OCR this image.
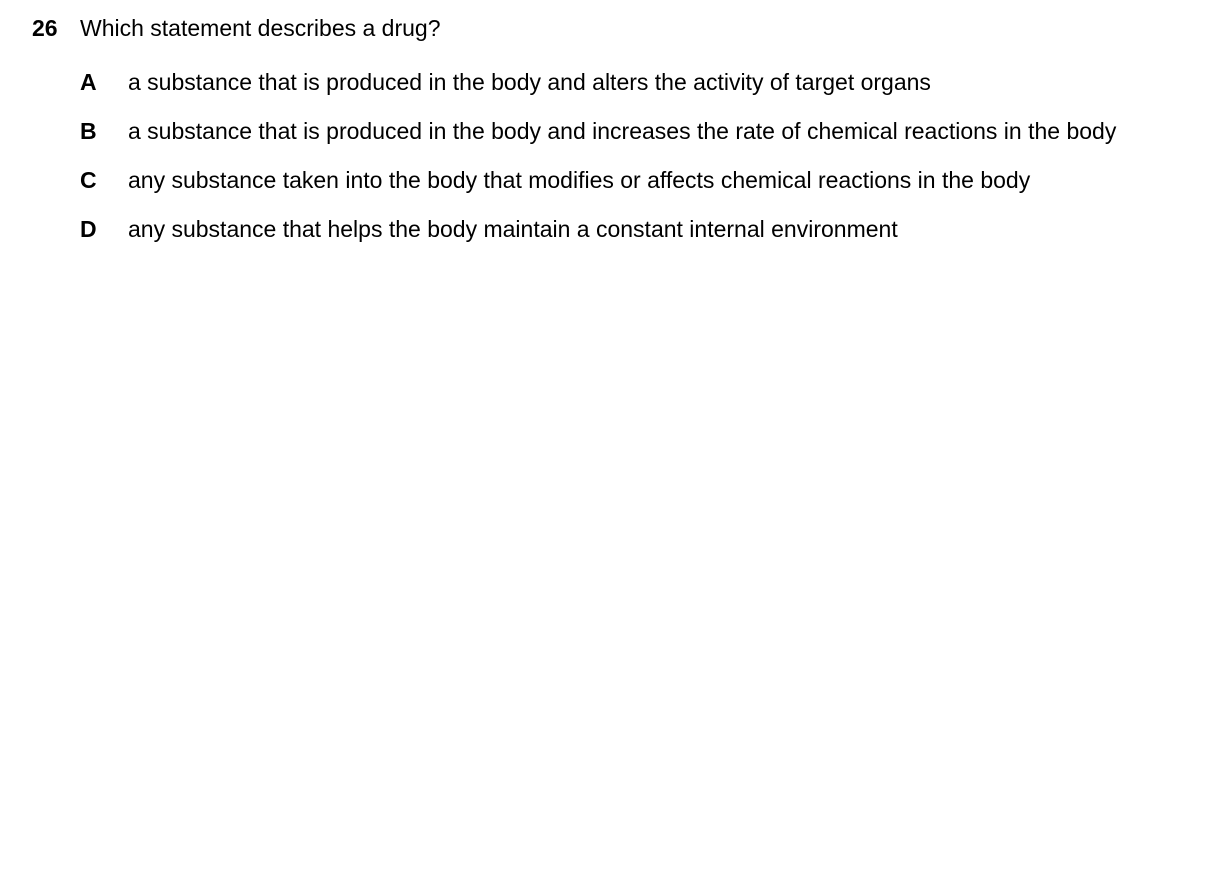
26 Which statement describes a drug?
A	a substance that is produced in the body and alters the activity of target organs
B	a substance that is produced in the body and increases the rate of chemical reactions in the body
C	any substance taken into the body that modifies or affects chemical reactions in the body
D	any substance that helps the body maintain a constant internal environment
